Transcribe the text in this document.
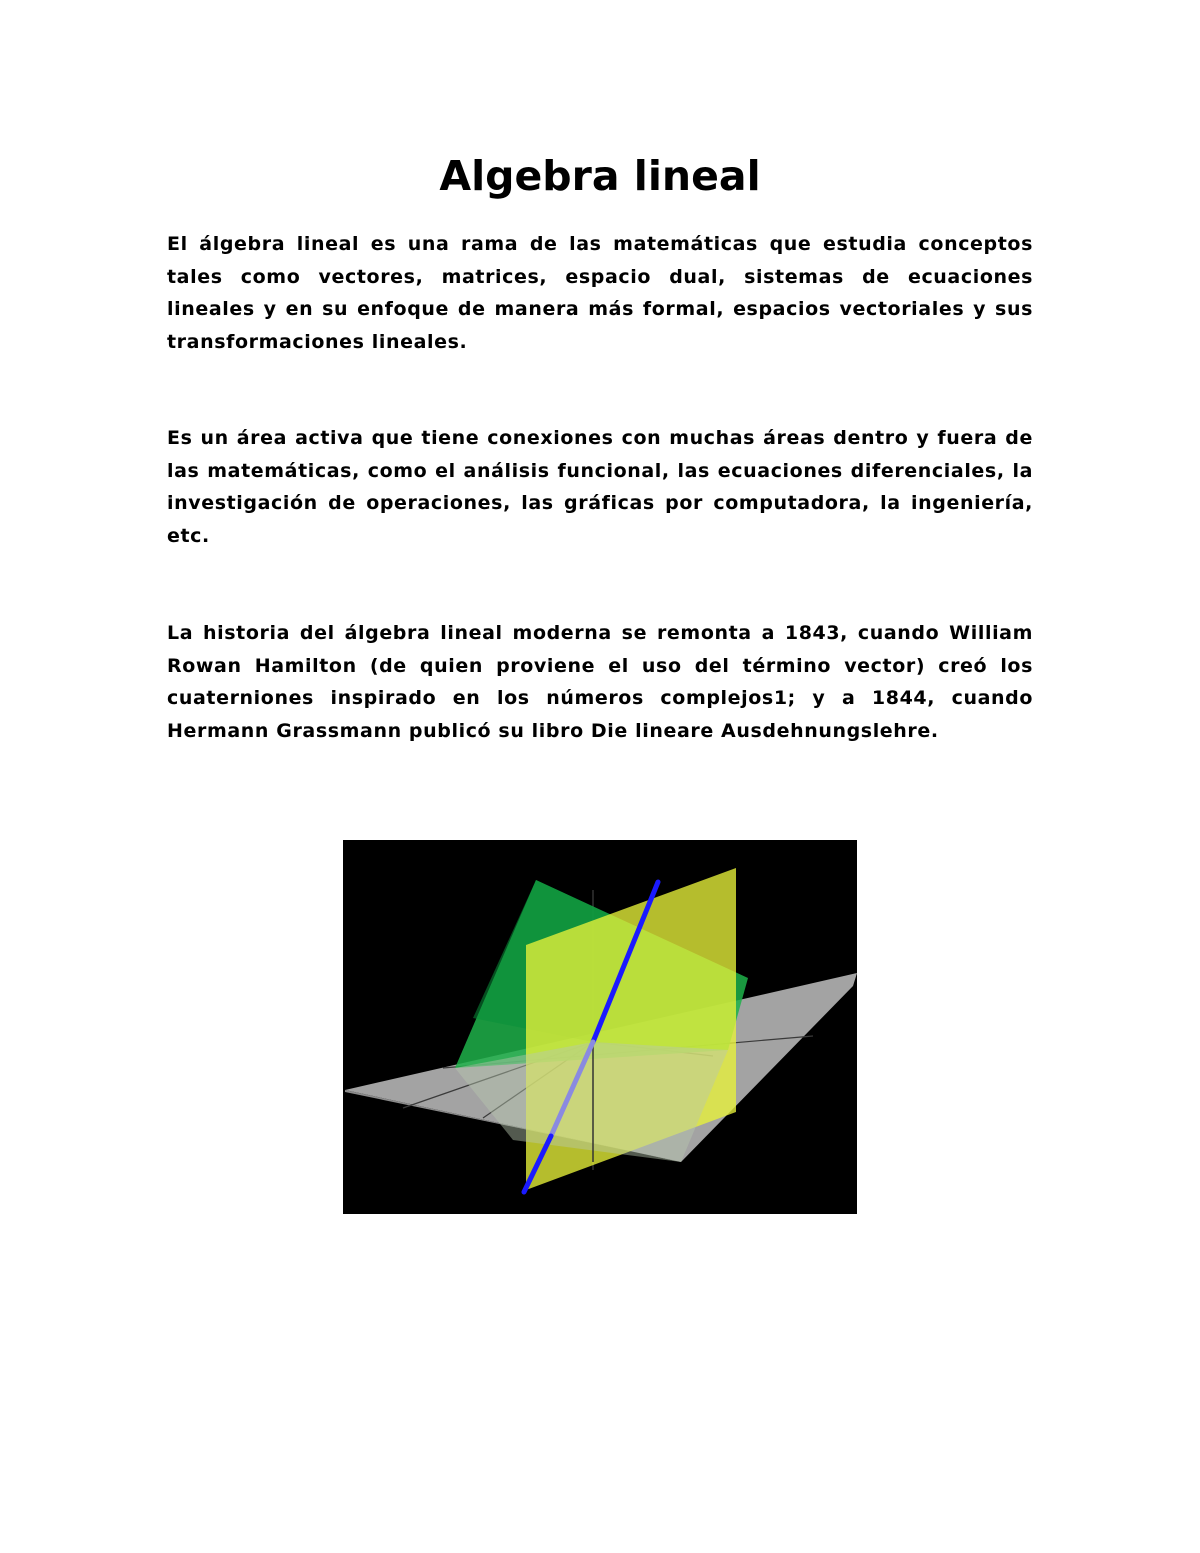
Algebra lineal

El álgebra lineal es una rama de las matemáticas que estudia conceptos tales como vectores, matrices, espacio dual, sistemas de ecuaciones lineales y en su enfoque de manera más formal, espacios vectoriales y sus transformaciones lineales.

Es un área activa que tiene conexiones con muchas áreas dentro y fuera de las matemáticas, como el análisis funcional, las ecuaciones diferenciales, la investigación de operaciones, las gráficas por computadora, la ingeniería, etc.

La historia del álgebra lineal moderna se remonta a 1843, cuando William Rowan Hamilton (de quien proviene el uso del término vector) creó los cuaterniones inspirado en los números complejos1; y a 1844, cuando Hermann Grassmann publicó su libro Die lineare Ausdehnungslehre.
